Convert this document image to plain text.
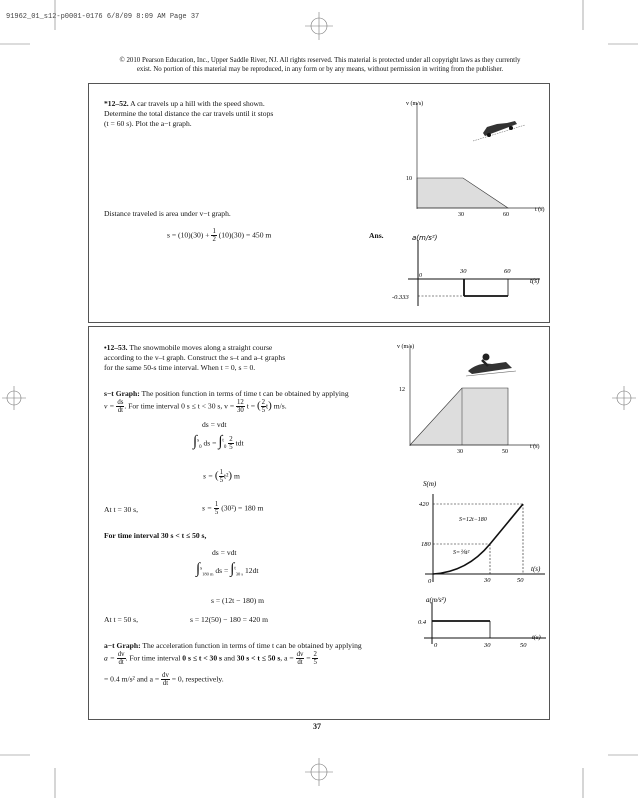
91962_01_s12-p0001-0176 6/8/09 8:09 AM Page 37
© 2010 Pearson Education, Inc., Upper Saddle River, NJ. All rights reserved. This material is protected under all copyright laws as they currently
exist. No portion of this material may be reproduced, in any form or by any means, without permission in writing from the publisher.
*12–52. A car travels up a hill with the speed shown.
Determine the total distance the car travels until it stops
(t = 60 s). Plot the a−t graph.
Distance traveled is area under v−t graph.
$s = (10)(30) + \frac{1}{2} (10)(30) = 450$ m	Ans.
v (m/s)
10
30	60
t (s)
a(m/s²)
0
30	60
t(s)
-0.333
•12–53. The snowmobile moves along a straight course
according to the v–t graph. Construct the s–t and a–t graphs
for the same 50-s time interval. When t = 0, s = 0.
s−t Graph: The position function in terms of time t can be obtained by applying
$v = \frac{ds}{dt}$ . For time interval 0 s ≤ t < 30 s, $v = \frac{12}{30}$ t = ( $\frac{2}{5} t$) m/s.
ds = vdt
∫$^s_0$ ds = $\int^t_0 \frac{2}{5}$ tdt
s = ( $\frac{1}{5} t^2$) m
At t = 30 s,	$s = \frac{1}{5} (30^2) = 180$ m
For time interval 30 s < t ≤ 50 s,
ds = vdt
∫$^s_{180 m}$ ds = ∫$^t_{30 s}$ 12dt
s = (12t − 180) m
At t = 50 s,	s = 12(50) − 180 = 420 m
a−t Graph: The acceleration function in terms of time t can be obtained by applying
$a = \frac{dv}{dt}$ . For time interval 0 s ≤ t < 30 s and 30 s < t ≤ 50 s, $a = \frac{dv}{dt} = \frac{2}{5}$
= 0.4 m/s² and $a = \frac{dv}{dt} = 0$, respectively.
v (m/s)
12
30	50
t (s)
S(m)
420
180
0	30	50
t(s)
S=⅕t²
S=12t−180
a(m/s²)
0.4
0	30	50
t(s)
37
